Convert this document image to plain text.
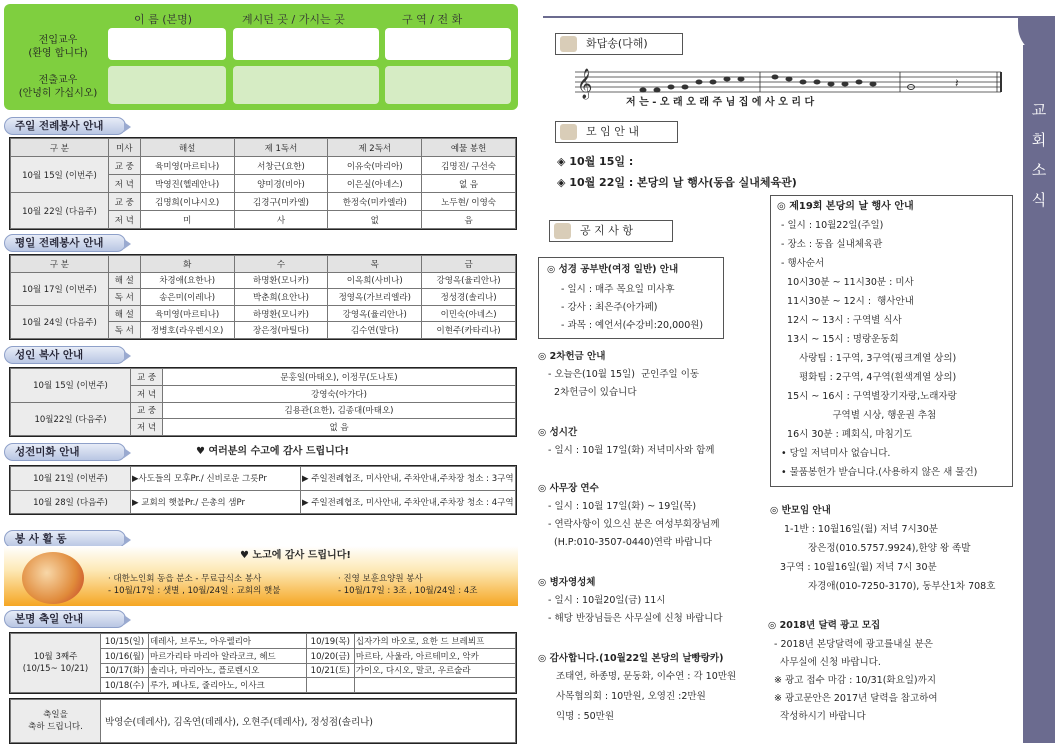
이 름 (본명)	계시던 곳 / 가시는 곳	구 역 / 전 화
전입교우
(환영 합니다)
전출교우
(안녕히 가십시오)
주일 전례봉사 안내
구 분	미사	해설	제 1독서	제 2독서	예물 봉헌
10월 15일 (이번주)	교 중	육미영(마르티나)	서창근(요한)	이유숙(마리아)	김명진/ 구선숙
	저 녁	박영진(헬레안나)	양미경(비아)	이은실(아네스)	없 음
10월 22일 (다음주)	교 중	김명희(이냐시오)	김경구(미카엘)	한정숙(미카엘라)	노두현/ 이영숙
	저 녁	미	사	없	음
평일 전례봉사 안내
구 분		화	수	목	금
10월 17일 (이번주)	해 설	차경애(요한나)	하명환(모니카)	이옥희(사비나)	강영옥(율리안나)
	독 서	송은미(이레나)	박춘희(요안나)	정영옥(가브리엘라)	정성경(솔리나)
10월 24일 (다음주)	해 설	육미영(마르티나)	하명환(모니카)	강영옥(율리안나)	이민숙(아네스)
	독 서	정병호(라우렌시오)	장은정(마틸다)	김수연(말다)	이현주(카타리나)
성인 복사 안내
10월 15일 (이번주)	교 중	문홍일(마태오), 이정무(도나토)
	저 녁	강영숙(아가다)
10월22일 (다음주)	교 중	김용관(요한), 김종대(마태오)
	저 녁	없 음
성전미화 안내	♥ 여러분의 수고에 감사 드립니다!
10월 21일 (이번주)	▶사도들의 모후Pr./ 신비로운 그릇Pr	▶ 주일전례협조, 미사안내, 주차안내,주차장 청소 : 3구역
10월 28일 (다음주)	▶ 교회의 햇불Pr./ 은총의 샘Pr	▶ 주일전례협조, 미사안내, 주차안내,주차장 청소 : 4구역
봉 사 활 동
♥ 노고에 감사 드립니다!
· 대한노인회 동읍 분소 - 무료급식소 봉사
- 10월/17일 : 샛별 , 10월/24일 : 교회의 햇불
· 진영 보훈요양원 봉사
- 10월/17일 : 3조 , 10월/24일 : 4조
본명 축일 안내
10월 3째주
(10/15~ 10/21)	10/15(일)	데레사, 브루노, 아우렐리아	10/19(목)	십자가의 바오로, 요한 드 브레뵈프
	10/16(월)	마르가리타 마리아 알라코크, 헤드	10/20(금)	마르타, 사울라, 아르테미오, 악카
	10/17(화)	솔리나, 마리아노, 플로렌시오	10/21(토)	가이오, 다시오, 말코, 우르술라
	10/18(수)	루가, 페나토, 줄리아노, 이사크		
축일을
축하 드립니다.	박영순(데레사), 김옥연(데레사), 오현주(데레사), 정성점(솔리나)
교
회
소
식
화답송(다해)
𝄞	𝄽
저 는 - 오 래 오 래 주 님 집 에 사 오 리 다
모 임 안 내
◈ 10월 15일 :
◈ 10월 22일 : 본당의 날 행사(동읍 실내체육관)
공 지 사 항
◎ 성경 공부반(여정 일반) 안내
- 일시 : 매주 목요일 미사후
- 강사 : 최은주(아가페)
- 과목 : 예언서(수강비:20,000원)
◎ 2차헌금 안내
- 오늘은(10월 15일)  군인주일 이동
2차헌금이 있습니다
◎ 성시간
- 일시 : 10월 17일(화) 저녁미사와 함께
◎ 사무장 연수
- 일시 : 10월 17일(화) ~ 19일(목)
- 연락사항이 있으신 분은 여성부회장님께
(H.P:010-3507-0440)연락 바랍니다
◎ 병자영성체
- 일시 : 10월20일(금) 11시
- 해당 반장님들은 사무실에 신청 바랍니다
◎ 감사합니다.(10월22일 본당의 날빵랑카)
조태연, 하종명, 문동화, 이수연 : 각 10만원
사목협의회 : 10만원, 오영진 :2만원
익명 : 50만원
◎ 제19회 본당의 날 행사 안내
- 일시 : 10월22일(주일)
- 장소 : 동읍 실내체육관
- 행사순서
10시30분 ~ 11시30분 : 미사
11시30분 ~ 12시 :  행사안내
12시 ~ 13시 : 구역별 식사
13시 ~ 15시 : 명랑운동회
사랑팀 : 1구역, 3구역(핑크계열 상의)
평화팀 : 2구역, 4구역(흰색계열 상의)
15시 ~ 16시 : 구역별장기자랑,노래자랑
구역별 시상, 행운권 추첨
16시 30분 : 폐회식, 마침기도
• 당일 저녁미사 없습니다.
• 물품봉헌가 받습니다.(사용하지 않은 새 물건)
◎ 반모임 안내
1-1반 : 10월16일(월) 저녁 7시30분
장은정(010.5757.9924),한양 왕 족발
3구역 : 10월16일(월) 저녁 7시 30분
자경애(010-7250-3170), 동부산1차 708호
◎ 2018년 달력 광고 모집
- 2018년 본당달력에 광고를내실 분은
사무실에 신청 바랍니다.
※ 광고 접수 마감 : 10/31(화요일)까지
※ 광고문안은 2017년 달력을 참고하여
작성하시기 바랍니다
